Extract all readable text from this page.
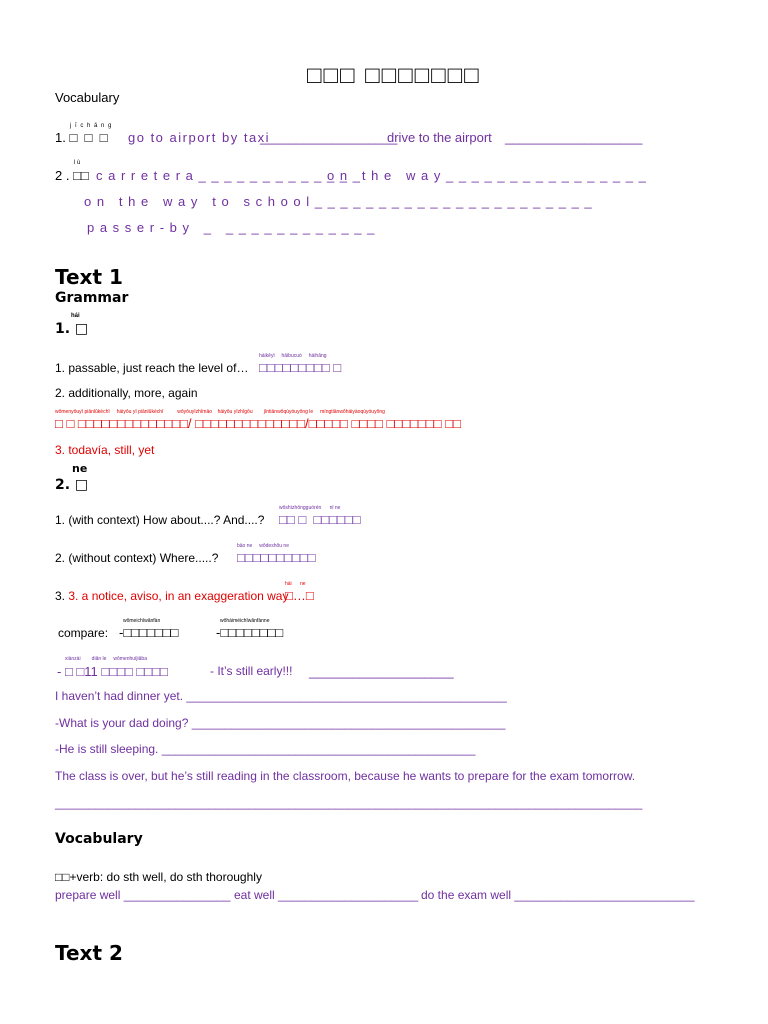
□□□ □□□□□□□
Vocabulary
j ī c h ǎ n g
1. □  □  □ go to airport by taxi
___________________
drive to the airport ___________________
l ù
2 . □□ c a r r e t e r a _ _ _ _ _ _ _ _ _ _ _ _ _
o n   t h e   w a y _ _ _ _ _ _ _ _ _ _ _ _ _ _ _ _
o n   t h e   w a y   t o   s c h o o l _ _ _ _ _ _ _ _ _ _ _ _ _ _ _ _ _ _ _ _ _ _
p a s s e r - b y   _   _ _ _ _ _ _ _ _ _ _ _ _
Text 1
Grammar
hái
1. □
1. passable, just reach the level of…
háikěyǐ     hāibucuò     háihǎng
□□□□□□□□□ □
2. additionally, more, again
wǒmenyǒuyī piānlǔkèchī     háiyǒu yī piānlǔkèchī          wǒyǒuyīzhīmāo    háiyǒu yīzhīgǒu        jīntiānwǒqùyóuyǒng le     míngtiānwǒháiyàoqùyóuyǒng
□ □ □□□□□□□□□□□□□□/ □□□□□□□□□□□□□□/□□□□□ □□□□ □□□□□□□ □□
3. todavía, still, yet
ne
2. □
1. (with context) How about....? And....?
wǒshìzhōngguórén      nǐ ne
□□ □  □□□□□□
2. (without context) Where.....?
bāo ne     wǒdeshǒu ne
□□□□□□□□□□
3. 3. a notice, aviso, in an exaggeration way
hái      ne
□…□
wǒmeichīwǎnfàn	wǒháiméichīwǎnfànne
compare: -□□□□□□□	-□□□□□□□□
xiànzài        diǎn le     wǒmenhuíjiāba
- □ □11 □□□□ □□□□	- It’s still early!!! ____________________
I haven’t had dinner yet. ________________________________________________
-What is your dad doing? _______________________________________________
-He is still sleeping. _______________________________________________
The class is over, but he’s still reading in the classroom, because he wants to prepare for the exam tomorrow.
________________________________________________________________________________________
Vocabulary
□□+verb: do sth well, do sth thoroughly
prepare well ________________ eat well _____________________ do the exam well ___________________________
Text 2
